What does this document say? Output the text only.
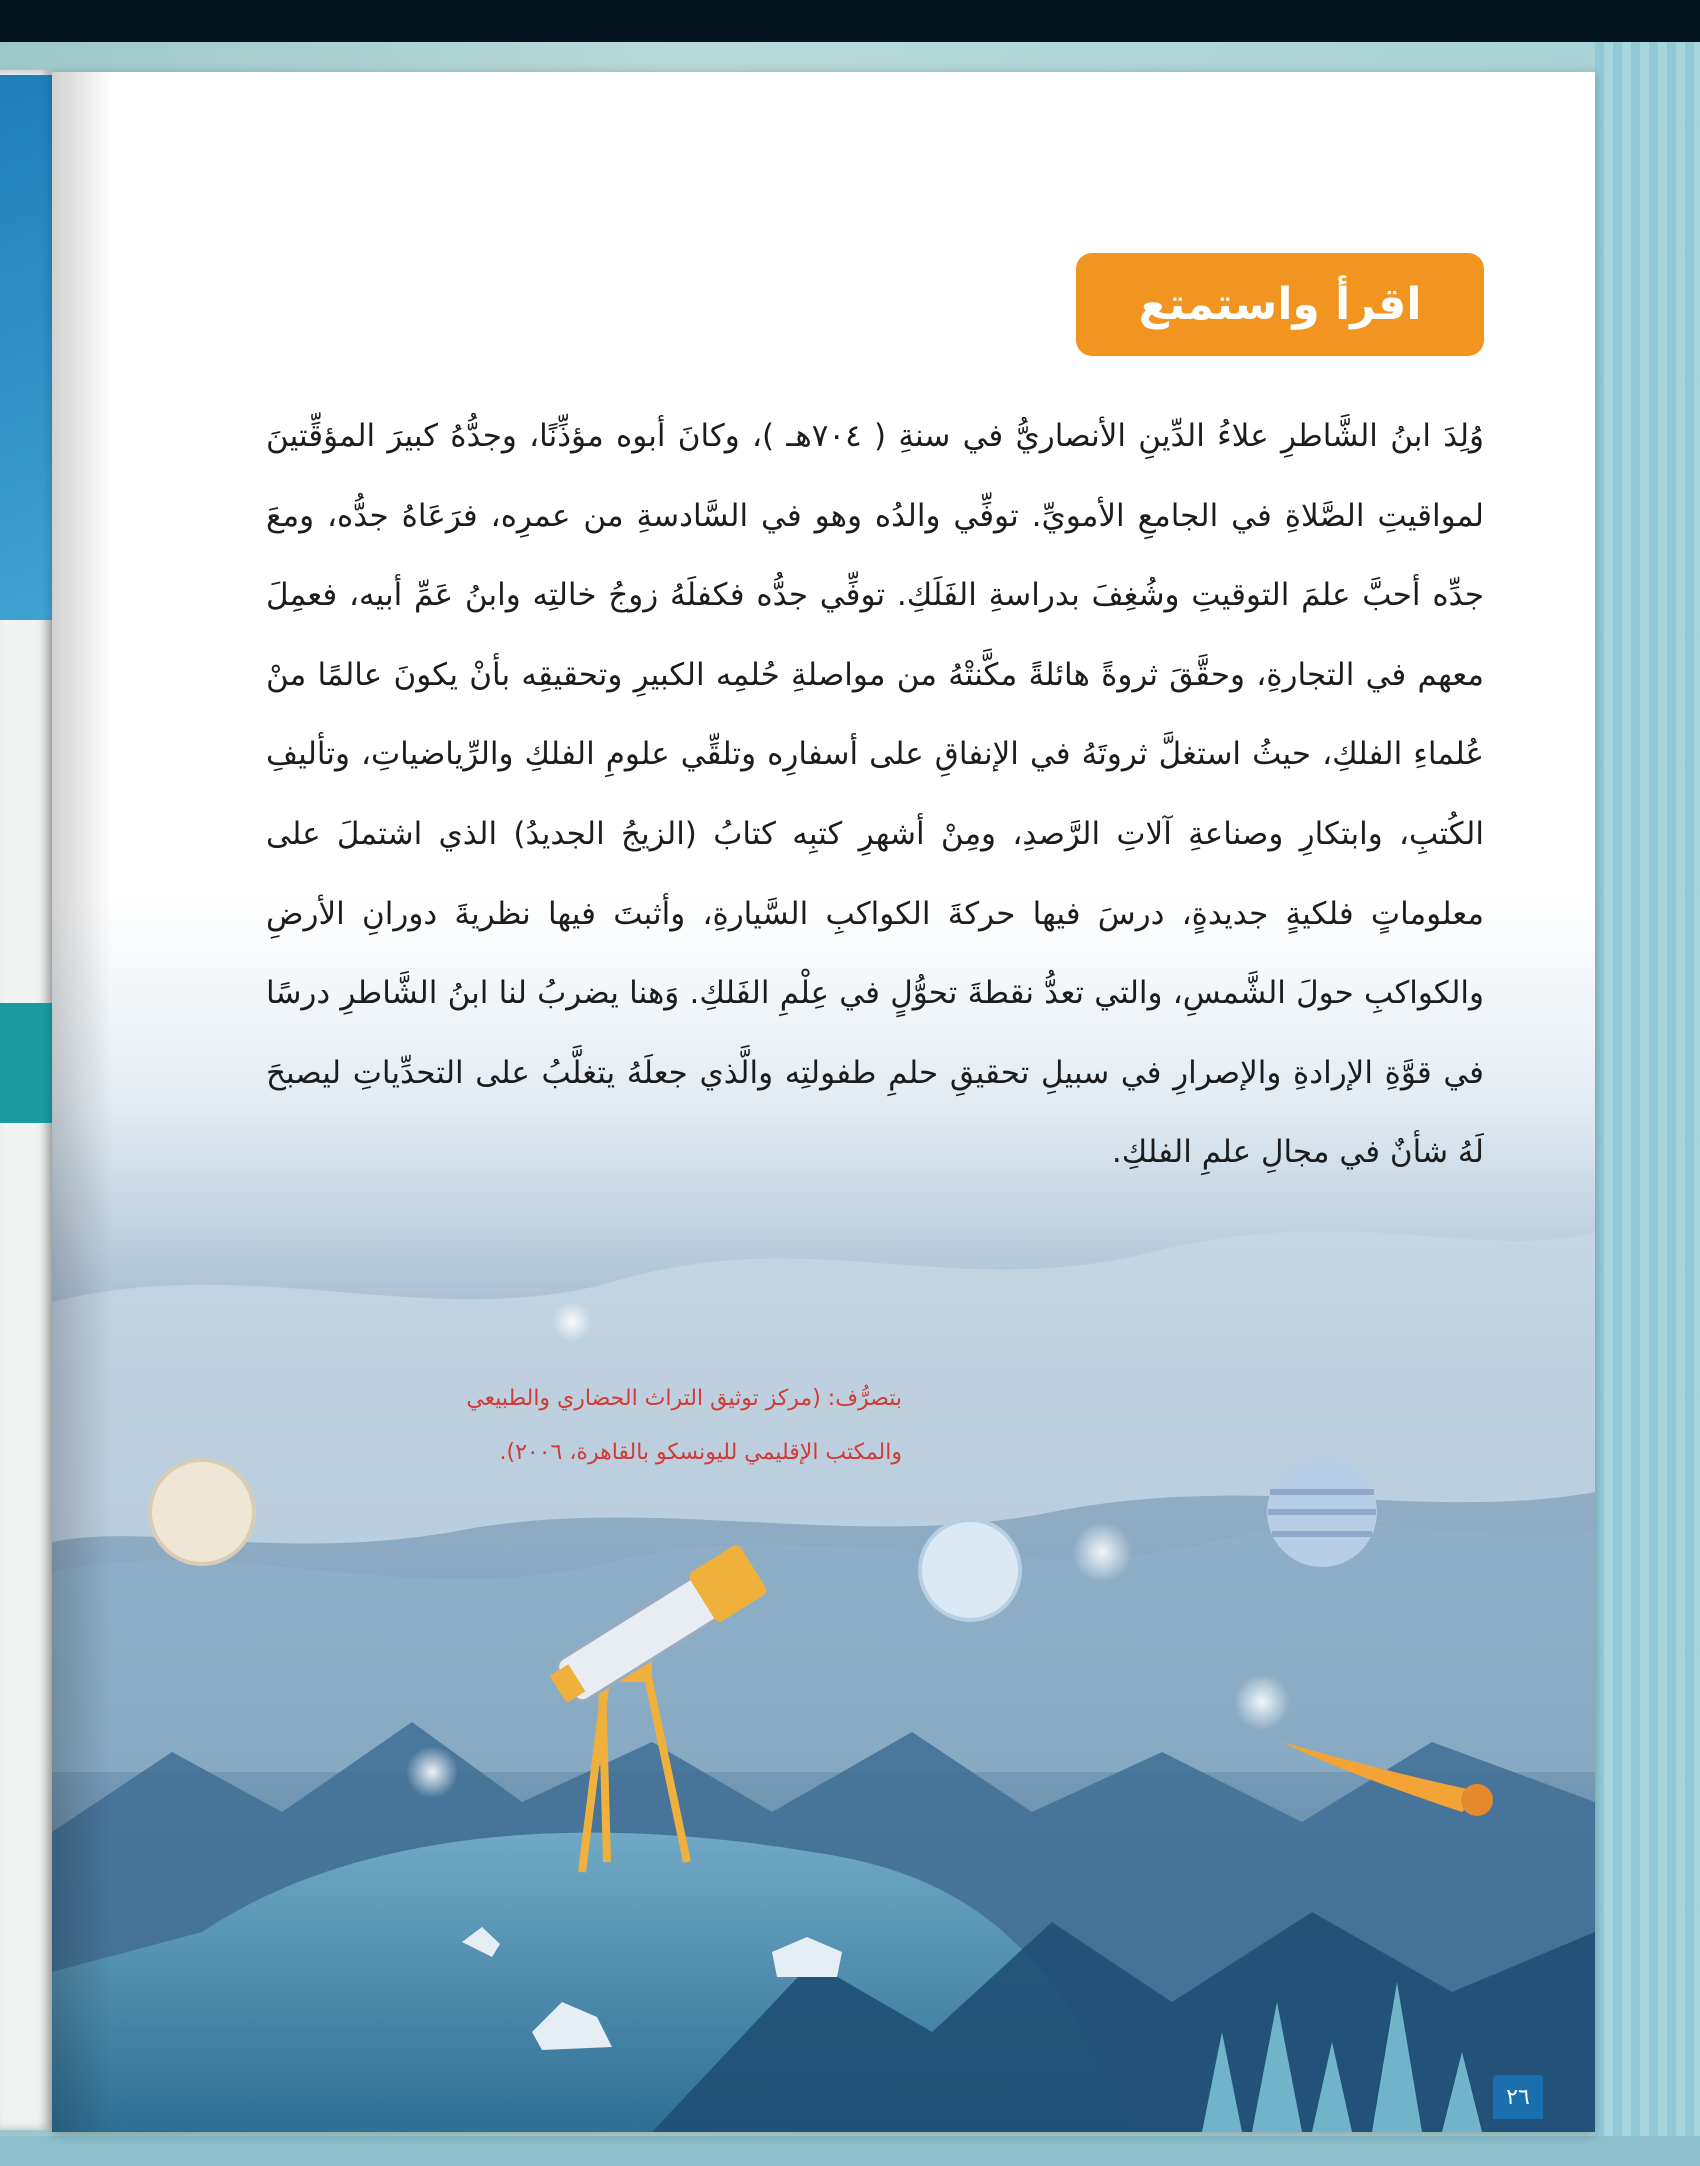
اقرأ واستمتع

وُلِدَ ابنُ الشَّاطرِ علاءُ الدِّينِ الأنصاريُّ في سنةِ ( ٧٠٤هـ )، وكانَ أبوه مؤذِّنًا، وجدُّهُ كبيرَ المؤقِّتينَ لمواقيتِ الصَّلاةِ في الجامعِ الأمويِّ. توفِّي والدُه وهو في السَّادسةِ من عمرِه، فرَعَاهُ جدُّه، ومعَ جدِّه أحبَّ علمَ التوقيتِ وشُغِفَ بدراسةِ الفَلَكِ. توفِّي جدُّه فكفلَهُ زوجُ خالتِه وابنُ عَمِّ أبيه، فعمِلَ معهم في التجارةِ، وحقَّقَ ثروةً هائلةً مكَّنتْهُ من مواصلةِ حُلمِه الكبيرِ وتحقيقِه بأنْ يكونَ عالمًا منْ عُلماءِ الفلكِ، حيثُ استغلَّ ثروتَهُ في الإنفاقِ على أسفارِه وتلقِّي علومِ الفلكِ والرِّياضياتِ، وتأليفِ الكُتبِ، وابتكارِ وصناعةِ آلاتِ الرَّصدِ، ومِنْ أشهرِ كتبِه كتابُ (الزيجُ الجديدُ) الذي اشتملَ على معلوماتٍ فلكيةٍ جديدةٍ، درسَ فيها حركةَ الكواكبِ السَّيارةِ، وأثبتَ فيها نظريةَ دورانِ الأرضِ والكواكبِ حولَ الشَّمسِ، والتي تعدُّ نقطةَ تحوُّلٍ في عِلْمِ الفَلكِ. وَهنا يضربُ لنا ابنُ الشَّاطرِ درسًا في قوَّةِ الإرادةِ والإصرارِ في سبيلِ تحقيقِ حلمِ طفولتِه والَّذي جعلَهُ يتغلَّبُ على التحدِّياتِ ليصبحَ لَهُ شأنٌ في مجالِ علمِ الفلكِ.

بتصرُّف: (مركز توثيق التراث الحضاري والطبيعي
والمكتب الإقليمي لليونسكو بالقاهرة، ٢٠٠٦).

٢٦
